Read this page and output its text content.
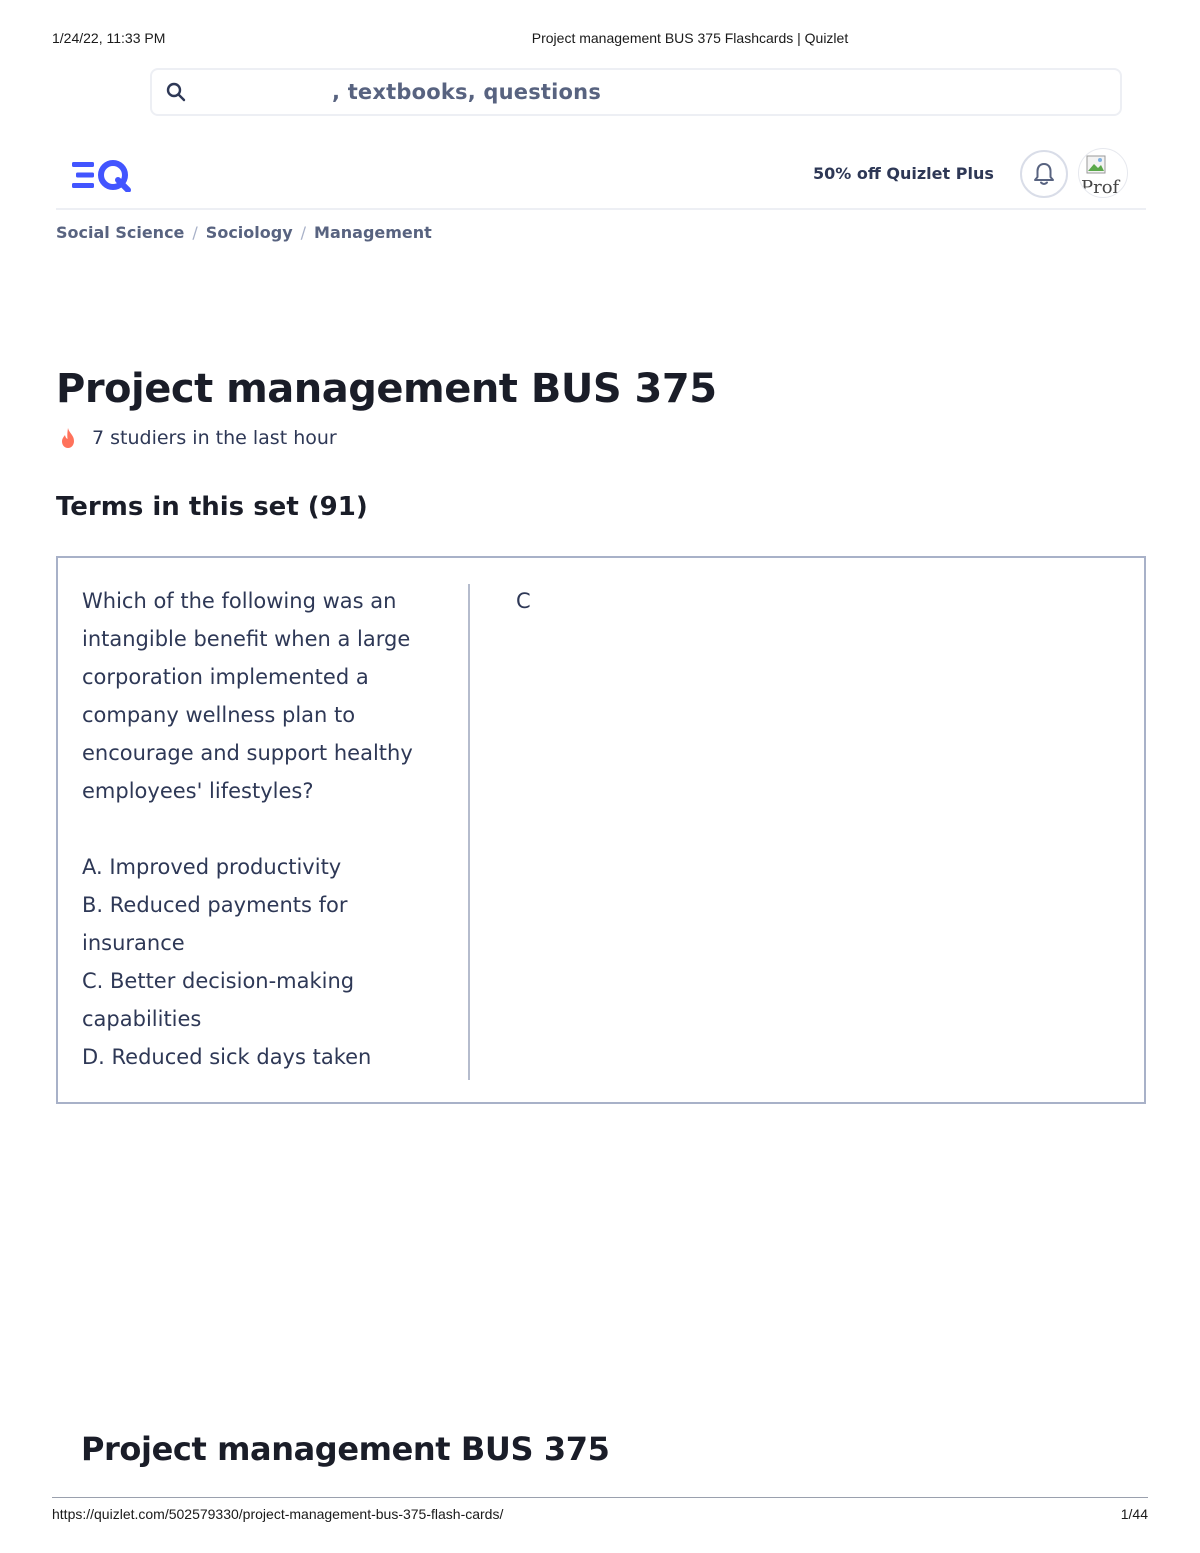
1/24/22, 11:33 PM	Project management BUS 375 Flashcards | Quizlet
, textbooks, questions
50% off Quizlet Plus
Prof
Social Science / Sociology / Management
Project management BUS 375
7 studiers in the last hour
Terms in this set (91)
Which of the following was an intangible benefit when a large corporation implemented a company wellness plan to encourage and support healthy employees' lifestyles?

A. Improved productivity
B. Reduced payments for insurance
C. Better decision-making capabilities
D. Reduced sick days taken
C
Project management BUS 375
https://quizlet.com/502579330/project-management-bus-375-flash-cards/	1/44
